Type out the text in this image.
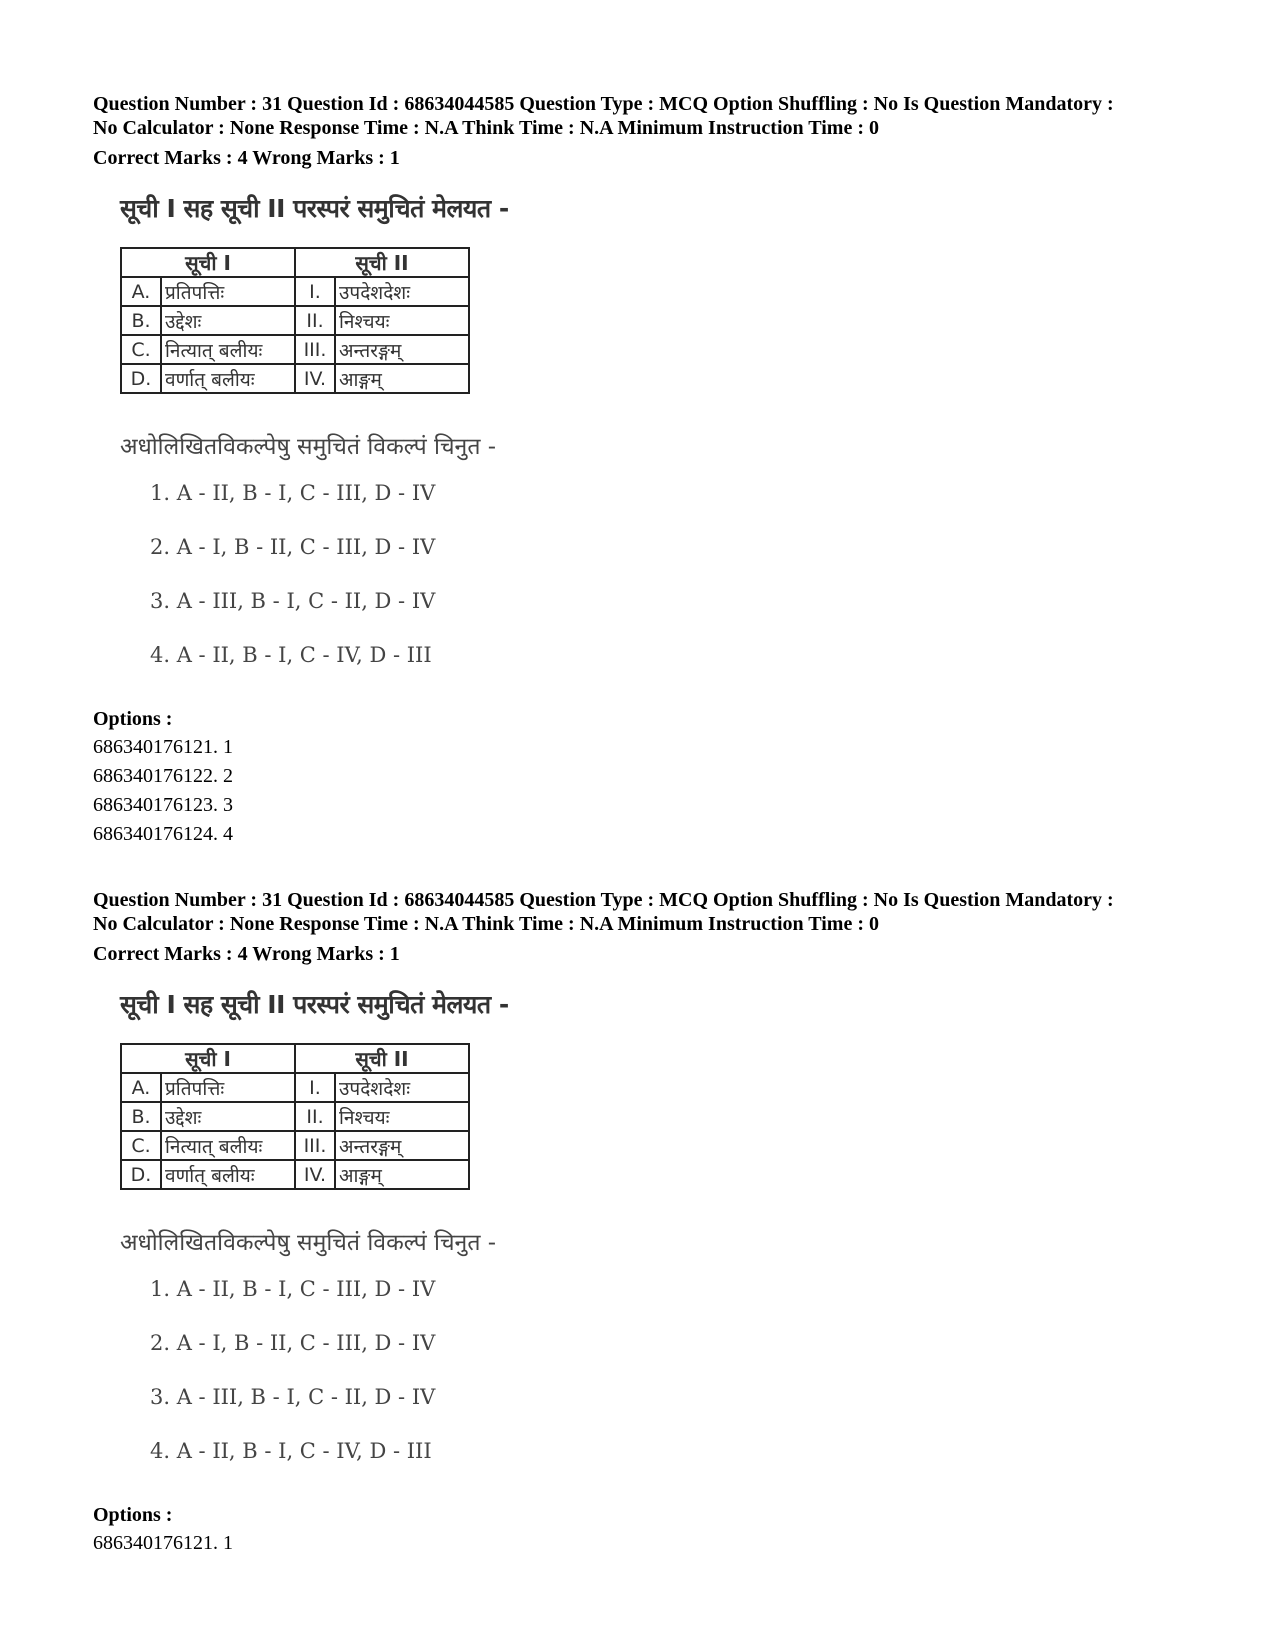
Question Number : 31 Question Id : 68634044585 Question Type : MCQ Option Shuffling : No Is Question Mandatory :

No Calculator : None Response Time : N.A Think Time : N.A Minimum Instruction Time : 0

Correct Marks : 4 Wrong Marks : 1
सूची I सह सूची II परस्परं समुचितं मेलयत -
सूची I		सूची II	
A.	प्रतिपत्तिः	I.	उपदेशदेशः
B.	उद्देशः	II.	निश्चयः
C.	नित्यात् बलीयः	III.	अन्तरङ्गम्
D.	वर्णात् बलीयः	IV.	आङ्गम्
अधोलिखितविकल्पेषु समुचितं विकल्पं चिनुत -
1. A - II, B - I, C - III, D - IV
2. A - I, B - II, C - III, D - IV
3. A - III, B - I, C - II, D - IV
4. A - II, B - I, C - IV, D - III
Options :
686340176121. 1
686340176122. 2
686340176123. 3
686340176124. 4

Question Number : 31 Question Id : 68634044585 Question Type : MCQ Option Shuffling : No Is Question Mandatory :

No Calculator : None Response Time : N.A Think Time : N.A Minimum Instruction Time : 0

Correct Marks : 4 Wrong Marks : 1
सूची I सह सूची II परस्परं समुचितं मेलयत -
सूची I		सूची II	
A.	प्रतिपत्तिः	I.	उपदेशदेशः
B.	उद्देशः	II.	निश्चयः
C.	नित्यात् बलीयः	III.	अन्तरङ्गम्
D.	वर्णात् बलीयः	IV.	आङ्गम्
अधोलिखितविकल्पेषु समुचितं विकल्पं चिनुत -
1. A - II, B - I, C - III, D - IV
2. A - I, B - II, C - III, D - IV
3. A - III, B - I, C - II, D - IV
4. A - II, B - I, C - IV, D - III
Options :
686340176121. 1
